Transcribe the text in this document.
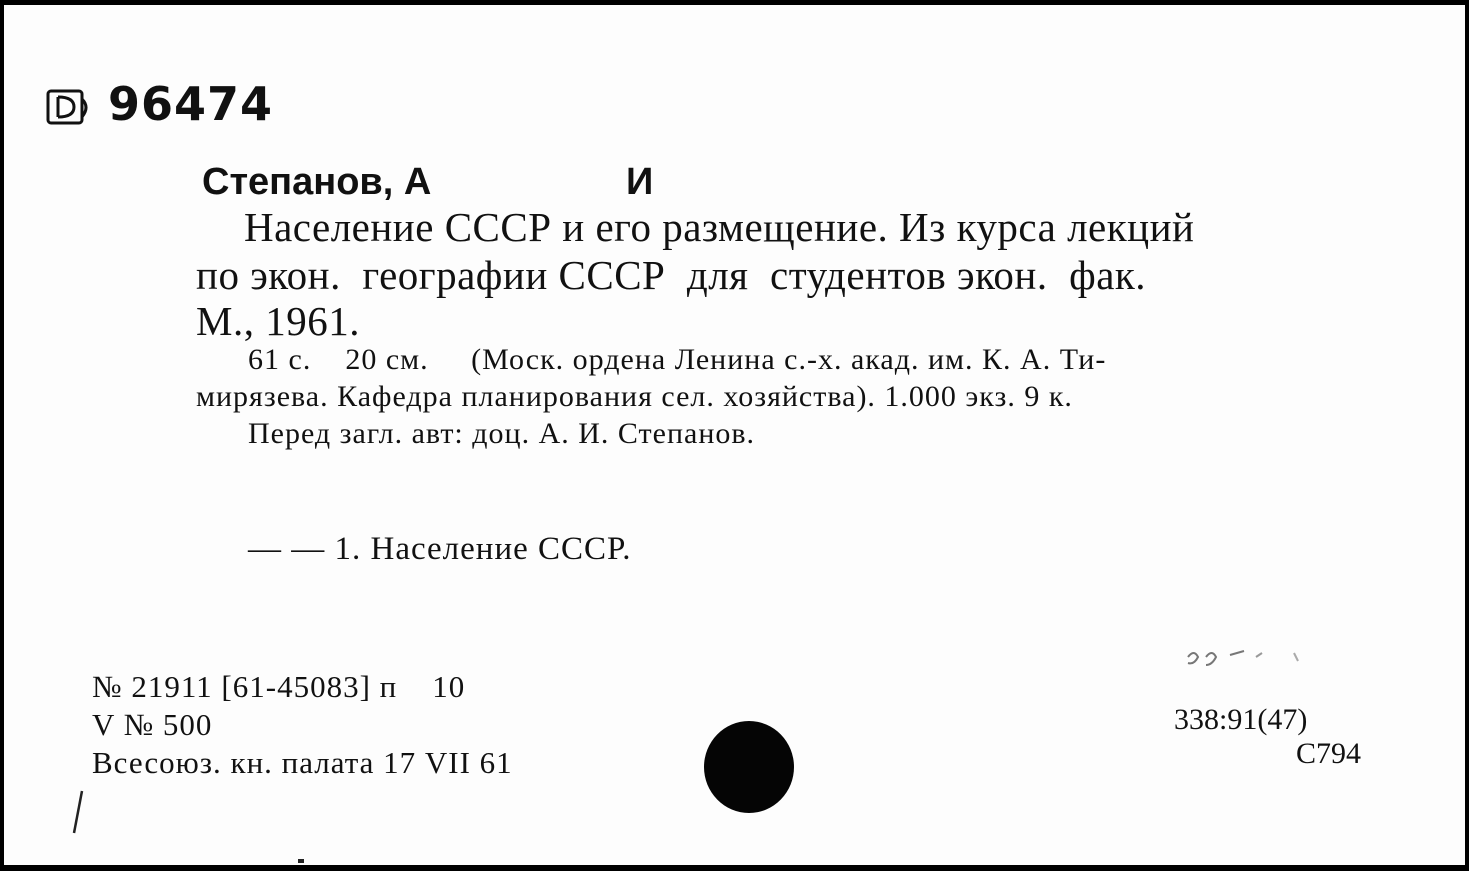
96474
Степанов, А	И
Население СССР и его размещение. Из курса лекций
по экон.  географии СССР  для  студентов экон.  фак.
М., 1961.
61 с.    20 см.     (Моск. ордена Ленина с.-х. акад. им. К. А. Ти-
мирязева. Кафедра планирования сел. хозяйства). 1.000 экз. 9 к.
Перед загл. авт: доц. А. И. Степанов.
— — 1. Население СССР.
№ 21911 [61-45083] п    10
V № 500
Всесоюз. кн. палата 17 VII 61
338:91(47)
С794
